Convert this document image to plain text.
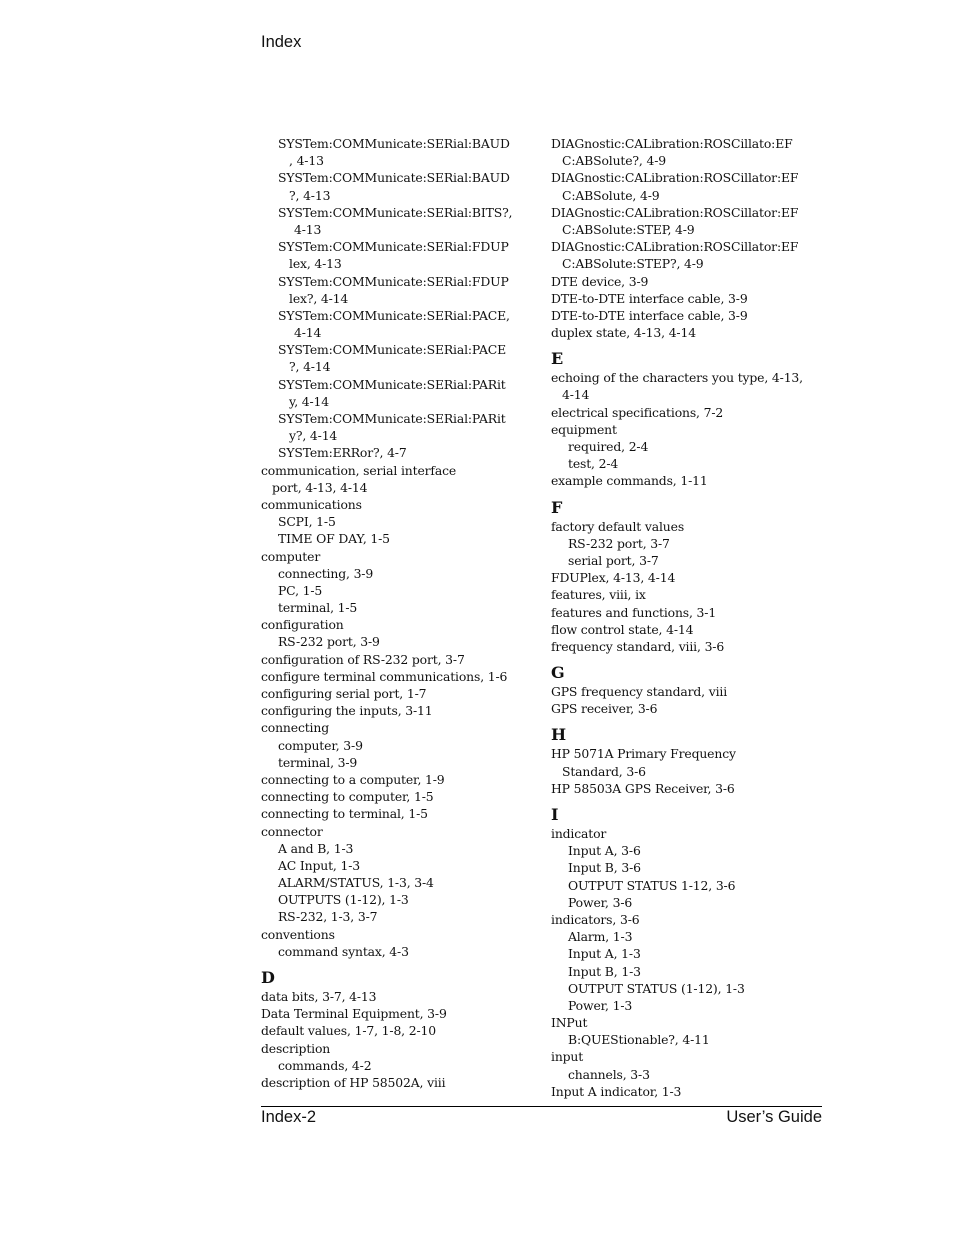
Index
SYSTem:COMMunicate:SERial:BAUD
, 4-13
SYSTem:COMMunicate:SERial:BAUD
?, 4-13
SYSTem:COMMunicate:SERial:BITS?,
4-13
SYSTem:COMMunicate:SERial:FDUP
lex, 4-13
SYSTem:COMMunicate:SERial:FDUP
lex?, 4-14
SYSTem:COMMunicate:SERial:PACE,
4-14
SYSTem:COMMunicate:SERial:PACE
?, 4-14
SYSTem:COMMunicate:SERial:PARit
y, 4-14
SYSTem:COMMunicate:SERial:PARit
y?, 4-14
SYSTem:ERRor?, 4-7
communication, serial interface
port, 4-13, 4-14
communications
SCPI, 1-5
TIME OF DAY, 1-5
computer
connecting, 3-9
PC, 1-5
terminal, 1-5
configuration
RS-232 port, 3-9
configuration of RS-232 port, 3-7
configure terminal communications, 1-6
configuring serial port, 1-7
configuring the inputs, 3-11
connecting
computer, 3-9
terminal, 3-9
connecting to a computer, 1-9
connecting to computer, 1-5
connecting to terminal, 1-5
connector
A and B, 1-3
AC Input, 1-3
ALARM/STATUS, 1-3, 3-4
OUTPUTS (1-12), 1-3
RS-232, 1-3, 3-7
conventions
command syntax, 4-3
D
data bits, 3-7, 4-13
Data Terminal Equipment, 3-9
default values, 1-7, 1-8, 2-10
description
commands, 4-2
description of HP 58502A, viii
DIAGnostic:CALibration:ROSCillato:EF
C:ABSolute?, 4-9
DIAGnostic:CALibration:ROSCillator:EF
C:ABSolute, 4-9
DIAGnostic:CALibration:ROSCillator:EF
C:ABSolute:STEP, 4-9
DIAGnostic:CALibration:ROSCillator:EF
C:ABSolute:STEP?, 4-9
DTE device, 3-9
DTE-to-DTE interface cable, 3-9
DTE-to-DTE interface cable, 3-9
duplex state, 4-13, 4-14
E
echoing of the characters you type, 4-13,
4-14
electrical specifications, 7-2
equipment
required, 2-4
test, 2-4
example commands, 1-11
F
factory default values
RS-232 port, 3-7
serial port, 3-7
FDUPlex, 4-13, 4-14
features, viii, ix
features and functions, 3-1
flow control state, 4-14
frequency standard, viii, 3-6
G
GPS frequency standard, viii
GPS receiver, 3-6
H
HP 5071A Primary Frequency
Standard, 3-6
HP 58503A GPS Receiver, 3-6
I
indicator
Input A, 3-6
Input B, 3-6
OUTPUT STATUS 1-12, 3-6
Power, 3-6
indicators, 3-6
Alarm, 1-3
Input A, 1-3
Input B, 1-3
OUTPUT STATUS (1-12), 1-3
Power, 1-3
INPut
B:QUEStionable?, 4-11
input
channels, 3-3
Input A indicator, 1-3
Index-2	User’s Guide
